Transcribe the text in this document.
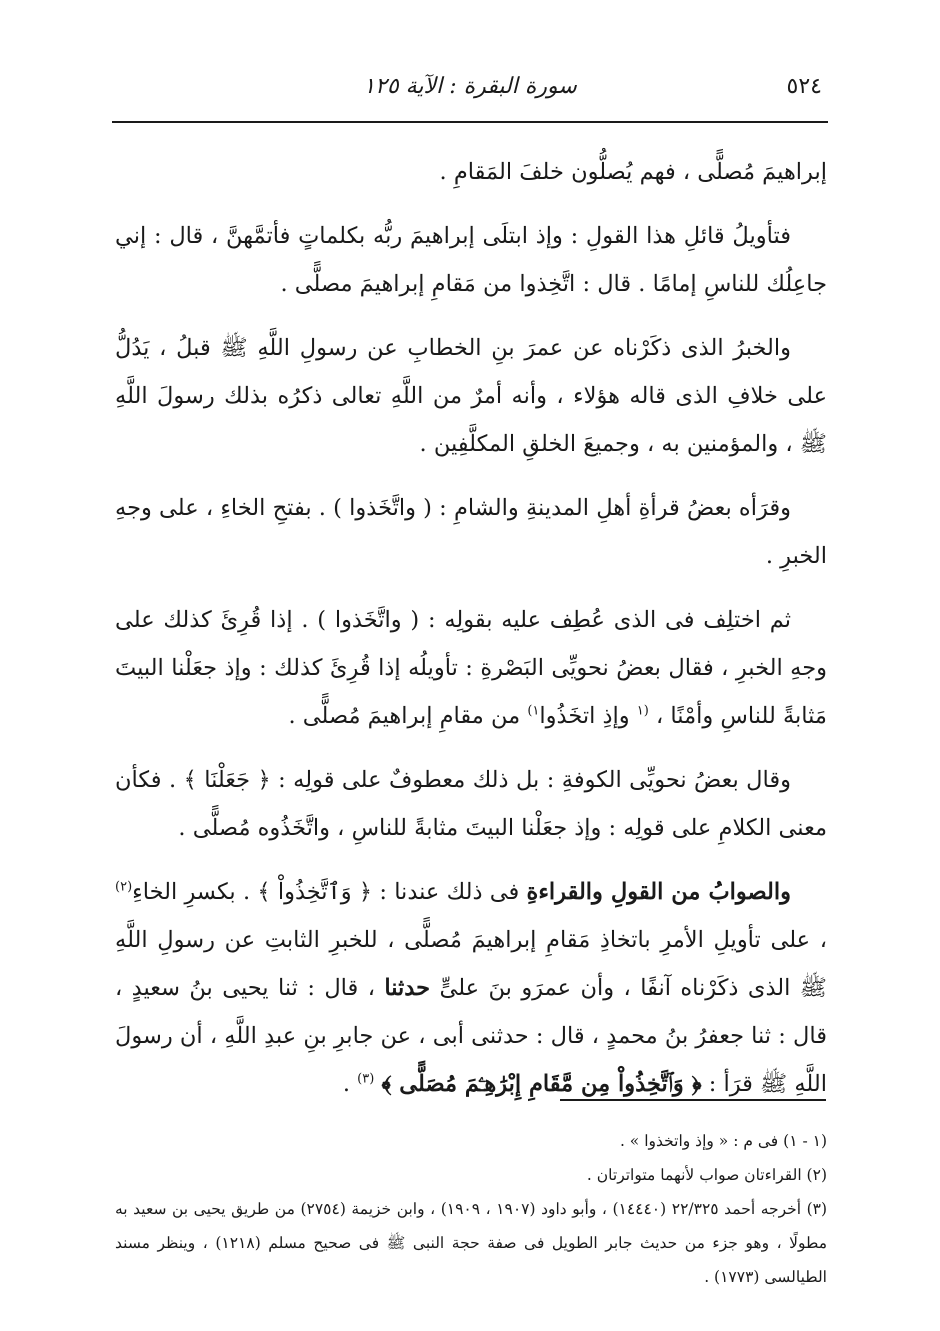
٥٢٤
سورة البقرة : الآية ١٢٥

إبراهيمَ مُصلًّى ، فهم يُصلُّون خلفَ المَقامِ .

فتأويلُ قائلِ هذا القولِ : وإذ ابتلَى إبراهيمَ ربُّه بكلماتٍ فأتمَّهنَّ ، قال : إني جاعِلُك للناسِ إمامًا . قال : اتَّخِذوا من مَقامِ إبراهيمَ مصلًّى .

والخبرُ الذى ذكَرْناه عن عمرَ بنِ الخطابِ عن رسولِ اللَّهِ ﷺ قبلُ ، يَدُلُّ على خلافِ الذى قاله هؤلاء ، وأنه أمرٌ من اللَّهِ تعالى ذكرُه بذلك رسولَ اللَّهِ ﷺ ، والمؤمنين به ، وجميعَ الخلقِ المكلَّفِين .

وقرَأه بعضُ قرأةِ أهلِ المدينةِ والشامِ : ( واتَّخَذوا ) . بفتحِ الخاءِ ، على وجهِ الخبرِ .

ثم اختلِف فى الذى عُطِف عليه بقولِه : ( واتَّخَذوا ) . إذا قُرِئَ كذلك على وجهِ الخبرِ ، فقال بعضُ نحويِّى البَصْرةِ : تأويلُه إذا قُرِئَ كذلك : وإذ جعَلْنا البيتَ مَثابةً للناسِ وأمْنًا ، $^{(١}$ وإذِ اتخَذُوا$^{١)}$ من مقامِ إبراهيمَ مُصلًّى .

وقال بعضُ نحويِّى الكوفةِ : بل ذلك معطوفٌ على قولِه : ﴿ جَعَلْنَا ﴾ . فكأن معنى الكلامِ على قولِه : وإذ جعَلْنا البيتَ مثابةً للناسِ ، واتَّخَذُوه مُصلًّى .

والصوابُ من القولِ والقراءةِ فى ذلك عندنا : ﴿ وَٱتَّخِذُواْ ﴾ . بكسرِ الخاءِ$^{(٢)}$ ، على تأويلِ الأمرِ باتخاذِ مَقامِ إبراهيمَ مُصلًّى ، للخبرِ الثابتِ عن رسولِ اللَّهِ ﷺ الذى ذكَرْناه آنفًا ، وأن عمرَو بنَ علىٍّ حدثنا ، قال : ثنا يحيى بنُ سعيدٍ ، قال : ثنا جعفرُ بنُ محمدٍ ، قال : حدثنى أبى ، عن جابرِ بنِ عبدِ اللَّهِ ، أن رسولَ اللَّهِ ﷺ قرَأ : ﴿ وَٱتَّخِذُواْ مِن مَّقَامِ إِبْرَٰهِـۧمَ مُصَلًّى ﴾ $^{(٣)}$ .

(١ - ١) فى م : « وإذ واتخذوا » .

(٢) القراءتان صواب لأنهما متواترتان .

(٣) أخرجه أحمد ٢٢/٣٢٥ (١٤٤٤٠) ، وأبو داود (١٩٠٧ ، ١٩٠٩) ، وابن خزيمة (٢٧٥٤) من طريق يحيى بن سعيد به مطولًا ، وهو جزء من حديث جابر الطويل فى صفة حجة النبى ﷺ فى صحيح مسلم (١٢١٨) ، وينظر مسند الطيالسى (١٧٧٣) .
